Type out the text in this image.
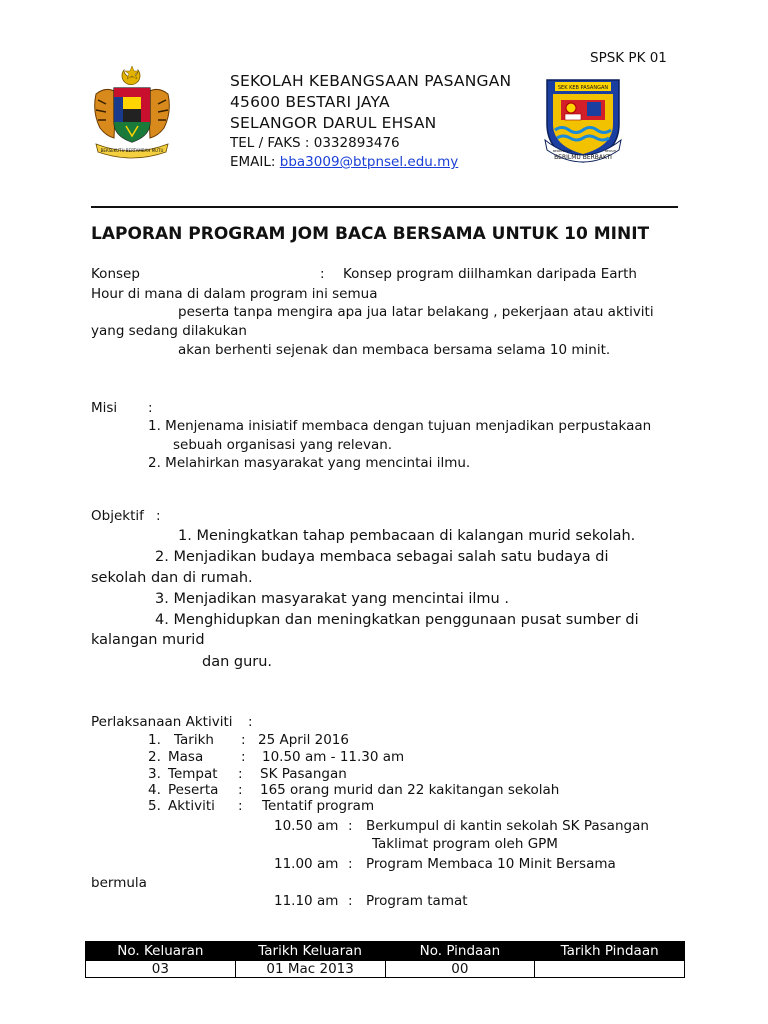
SPSK PK 01
BERSEKUTU BERTAMBAH MUTU
SEKOLAH KEBANGSAAN PASANGAN
45600 BESTARI JAYA
SELANGOR DARUL EHSAN
TEL / FAKS : 0332893476
EMAIL: bba3009@btpnsel.edu.my
SEK KEB PASANGAN
BERDISIPLIN
BERILMU BERBAKTI
BERSIH
LAPORAN PROGRAM JOM BACA BERSAMA UNTUK 10 MINIT
Konsep	: Konsep program diilhamkan daripada Earth
Hour di mana di dalam program ini semua
peserta tanpa mengira apa jua latar belakang , pekerjaan atau aktiviti
yang sedang dilakukan
akan berhenti sejenak dan membaca bersama selama 10 minit.
Misi :
1. Menjenama inisiatif membaca dengan tujuan menjadikan perpustakaan
sebuah organisasi yang relevan.
2. Melahirkan masyarakat yang mencintai ilmu.
Objektif :
1. Meningkatkan tahap pembacaan di kalangan murid sekolah.
2. Menjadikan budaya membaca sebagai salah satu budaya di
sekolah dan di rumah.
3. Menjadikan masyarakat yang mencintai ilmu .
4. Menghidupkan dan meningkatkan penggunaan pusat sumber di
kalangan murid
dan guru.
Perlaksanaan Aktiviti :
1. Tarikh : 25 April 2016
2. Masa	: 10.50 am - 11.30 am
3. Tempat : SK Pasangan
4. Peserta : 165 orang murid dan 22 kakitangan sekolah
5. Aktiviti : Tentatif program
10.50 am : Berkumpul di kantin sekolah SK Pasangan
Taklimat program oleh GPM
11.00 am : Program Membaca 10 Minit Bersama
bermula
11.10 am : Program tamat
No. Keluaran	Tarikh Keluaran	No. Pindaan	Tarikh Pindaan
03	01 Mac 2013	00	
